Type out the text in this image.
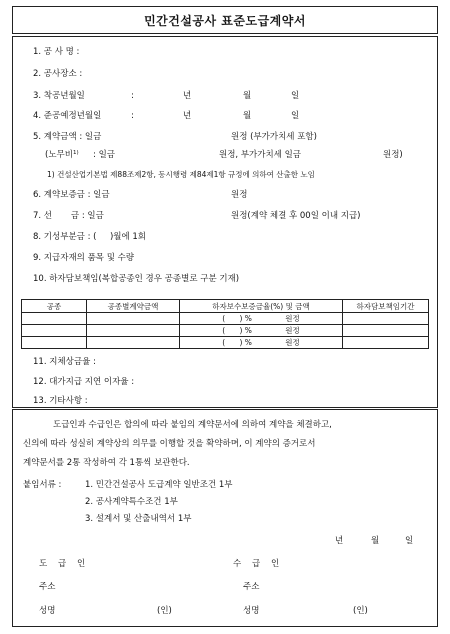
민간건설공사 표준도급계약서
1. 공 사 명 :
2. 공사장소 :
3. 착공년월일	:	년	월	일
4. 준공예정년월일	:	년	월	일
5. 계약금액 : 일금	원정 (부가가치세 포함)
(노무비$^{1)}$ : 일금	원정, 부가가치세 일금	원정)
1) 건설산업기본법 제88조제2항, 동시행령 제84제1항 규정에 의하여 산출한 노임
6. 계약보증금 : 일금	원정
7. 선       금 : 일금	원정(계약 체결 후 00일 이내 지급)
8. 기성부분금 : (     )월에 1회
9. 지급자재의 품목 및 수량
10. 하자담보책임(복합공종인 경우 공종별로 구분 기재)
공종	공종별계약금액	하자보수보증금율(%) 및 금액	하자담보책임기간
		(      ) %              원정	
		(      ) %              원정	
		(      ) %              원정	
11. 지체상금율 :
12. 대가지급 지연 이자율 :
13. 기타사항 :
도급인과 수급인은 합의에 따라 붙임의 계약문서에 의하여 계약을 체결하고,
신의에 따라 성실히 계약상의 의무를 이행할 것을 확약하며, 이 계약의 증거로서
계약문서를 2통 작성하여 각 1통씩 보관한다.
붙임서류 :	1. 민간건설공사 도급계약 일반조건 1부
2. 공사계약특수조건 1부
3. 설계서 및 산출내역서 1부
년	월	일
도    급    인	수    급    인
주소	주소
성명	(인)	성명	(인)
